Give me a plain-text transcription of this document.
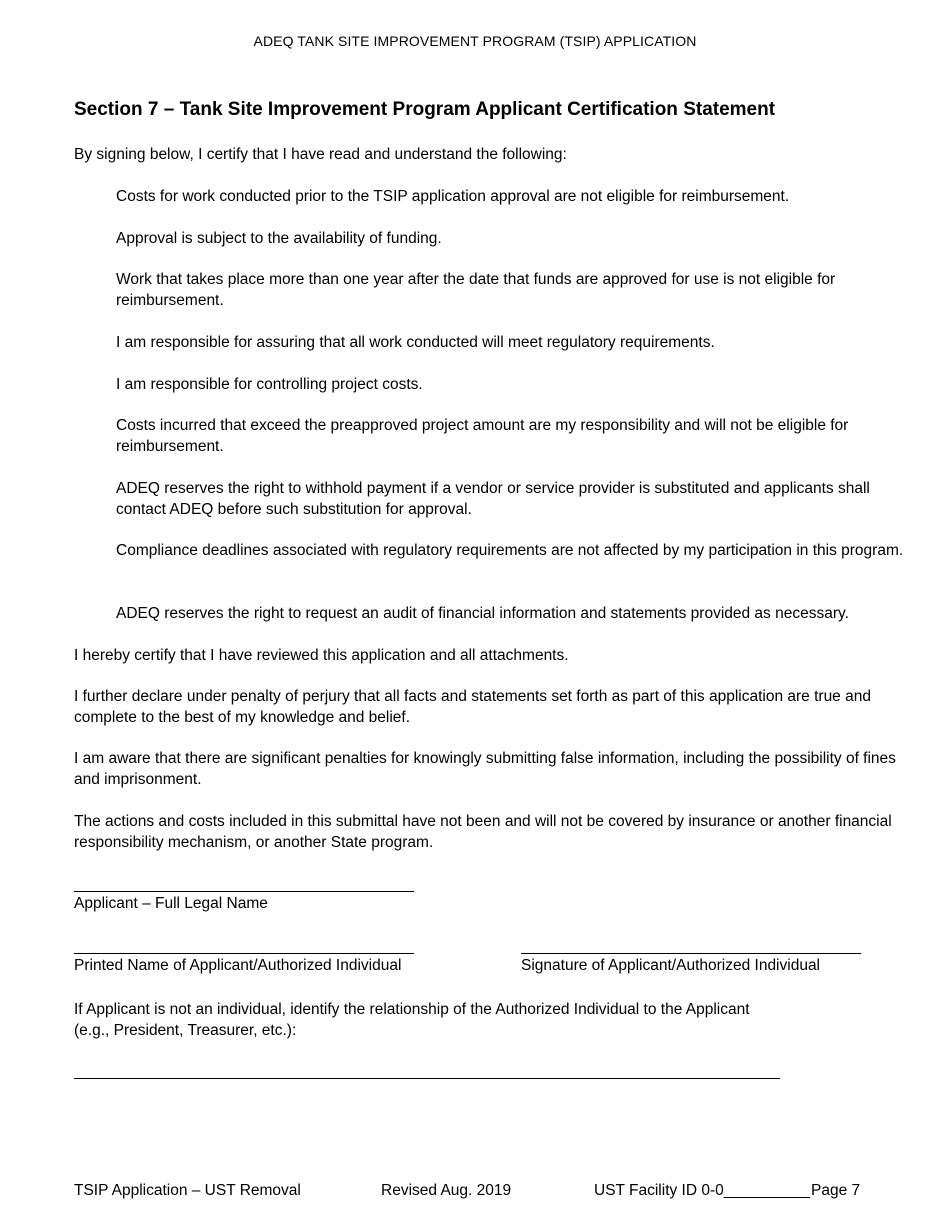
ADEQ TANK SITE IMPROVEMENT PROGRAM (TSIP) APPLICATION
Section 7 – Tank Site Improvement Program Applicant Certification Statement

By signing below, I certify that I have read and understand the following:

Costs for work conducted prior to the TSIP application approval are not eligible for reimbursement.

Approval is subject to the availability of funding.

Work that takes place more than one year after the date that funds are approved for use is not eligible for reimbursement.

I am responsible for assuring that all work conducted will meet regulatory requirements.

I am responsible for controlling project costs.

Costs incurred that exceed the preapproved project amount are my responsibility and will not be eligible for reimbursement.

ADEQ reserves the right to withhold payment if a vendor or service provider is substituted and applicants shall contact ADEQ before such substitution for approval.

Compliance deadlines associated with regulatory requirements are not affected by my participation in this program.

ADEQ reserves the right to request an audit of financial information and statements provided as necessary.

I hereby certify that I have reviewed this application and all attachments.

I further declare under penalty of perjury that all facts and statements set forth as part of this application are true and complete to the best of my knowledge and belief.

I am aware that there are significant penalties for knowingly submitting false information, including the possibility of fines and imprisonment.

The actions and costs included in this submittal have not been and will not be covered by insurance or another financial responsibility mechanism, or another State program.

Applicant – Full Legal Name

Printed Name of Applicant/Authorized Individual	Signature of Applicant/Authorized Individual

If Applicant is not an individual, identify the relationship of the Authorized Individual to the Applicant
(e.g., President, Treasurer, etc.):

TSIP Application – UST Removal	Revised Aug. 2019	UST Facility ID 0-0__________ Page 7
